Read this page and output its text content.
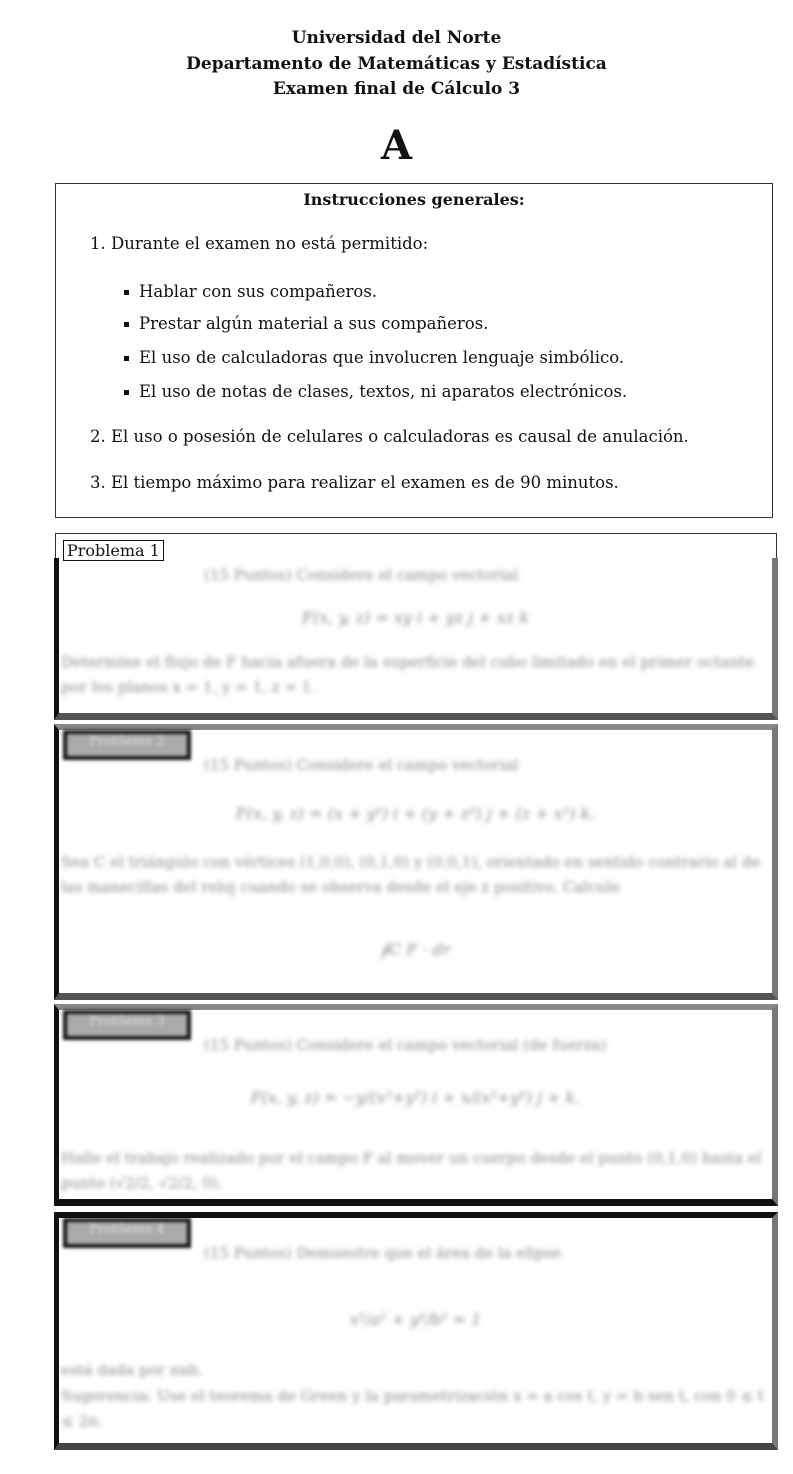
Universidad del Norte
Departamento de Matemáticas y Estadística
Examen final de Cálculo 3
A
Instrucciones generales:
1. Durante el examen no está permitido:
Hablar con sus compañeros.
Prestar algún material a sus compañeros.
El uso de calculadoras que involucren lenguaje simbólico.
El uso de notas de clases, textos, ni aparatos electrónicos.
2. El uso o posesión de celulares o calculadoras es causal de anulación.
3. El tiempo máximo para realizar el examen es de 90 minutos.
Problema 1
(15 Puntos) Considere el campo vectorial
F(x, y, z) = xy i + yz j + xz k
Determine el flujo de F hacia afuera de la superficie del cubo limitado en el primer octante por los planos x = 1, y = 1, z = 1.
Problema 2
(15 Puntos) Considere el campo vectorial
F(x, y, z) = (x + y²) i + (y + z²) j + (z + x²) k.
Sea C el triángulo con vértices (1,0,0), (0,1,0) y (0,0,1), orientado en sentido contrario al de las manecillas del reloj cuando se observa desde el eje z positivo. Calcule
∮C F · dr
Problema 3
(15 Puntos) Considere el campo vectorial (de fuerza)
F(x, y, z) = −y/(x²+y²) i + x/(x²+y²) j + k.
Halle el trabajo realizado por el campo F al mover un cuerpo desde el punto (0,1,0) hasta el punto (√2/2, √2/2, 0).
Problema 4
(15 Puntos) Demuestre que el área de la elipse
x²/a² + y²/b² = 1
está dada por πab.
Sugerencia: Use el teorema de Green y la parametrización x = a cos t, y = b sen t, con 0 ≤ t ≤ 2π.
